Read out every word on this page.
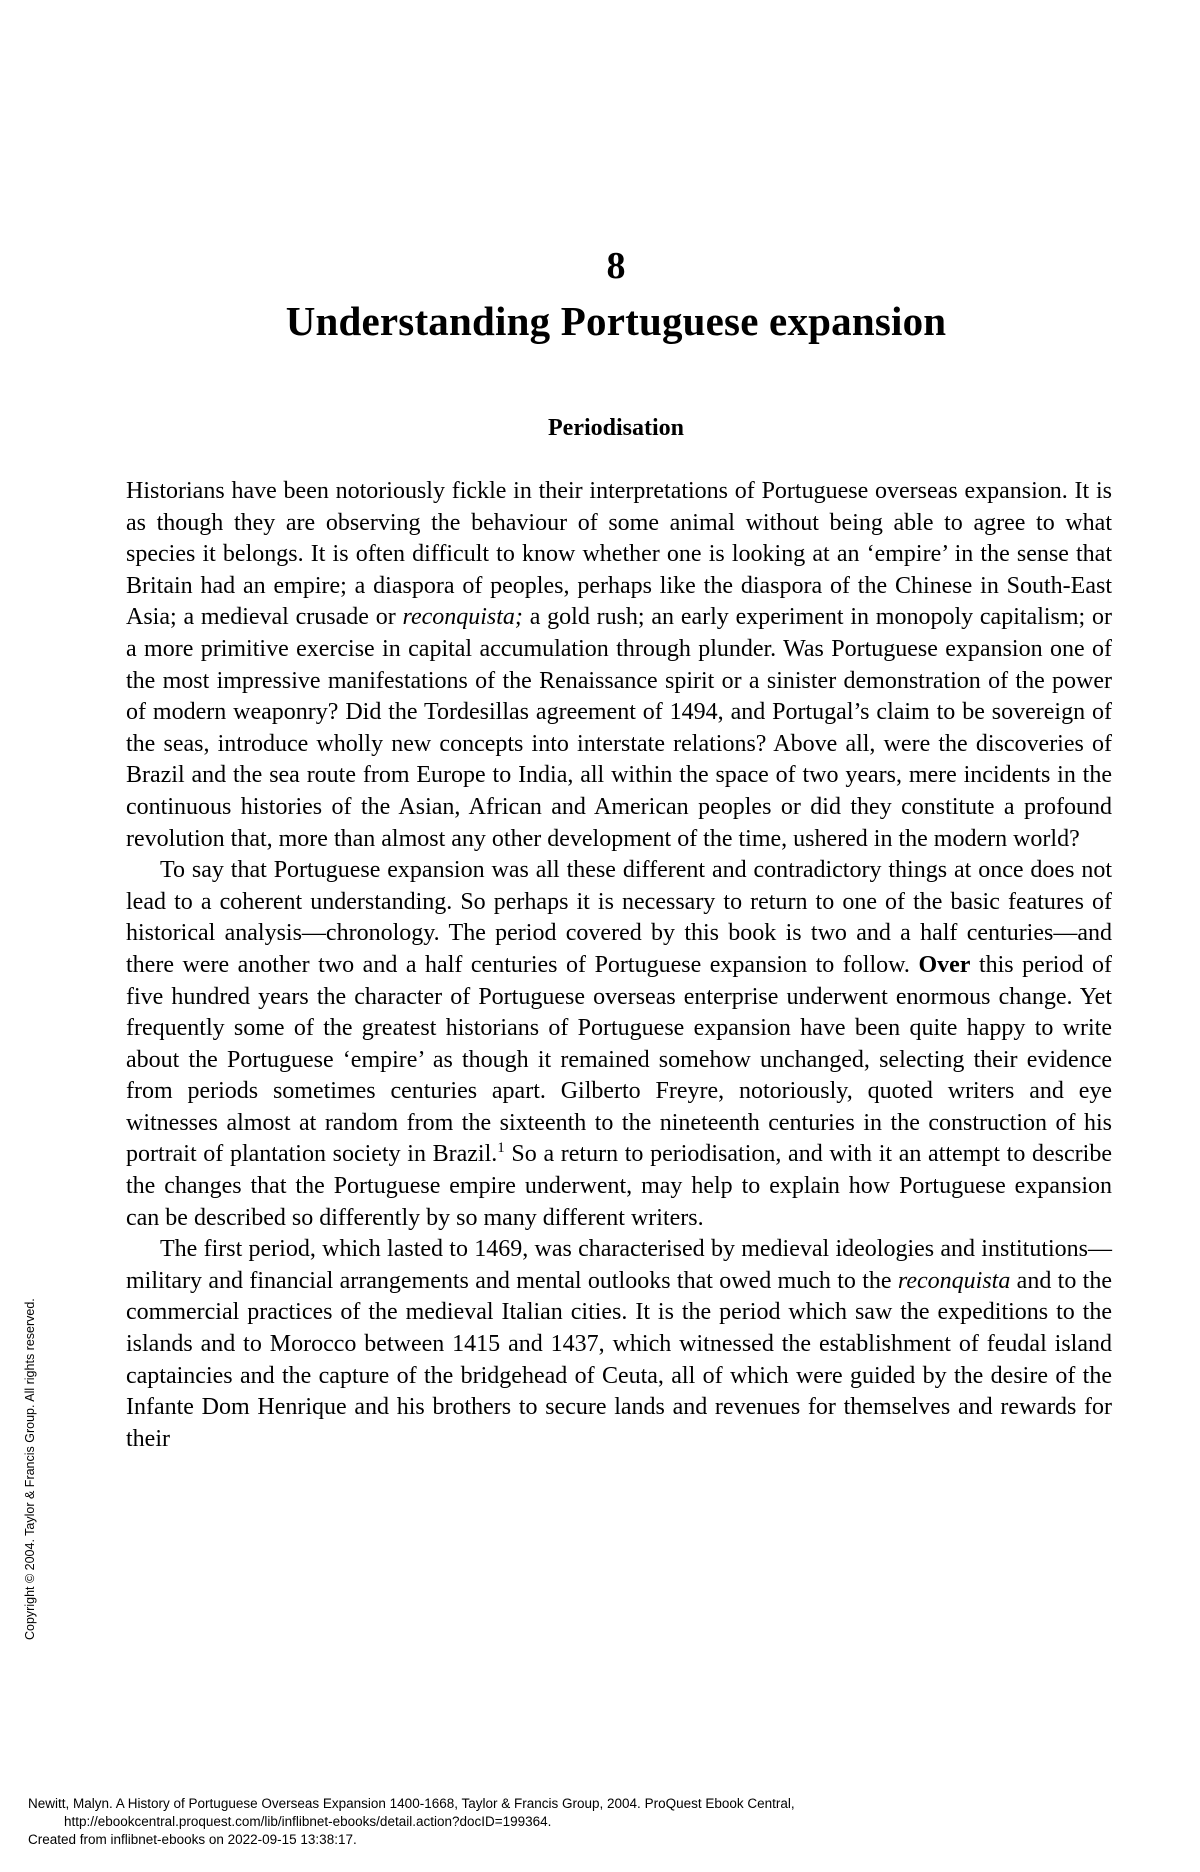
8
Understanding Portuguese expansion
Periodisation

Historians have been notoriously fickle in their interpretations of Portuguese overseas expansion. It is as though they are observing the behaviour of some animal without being able to agree to what species it belongs. It is often difficult to know whether one is looking at an ‘empire’ in the sense that Britain had an empire; a diaspora of peoples, perhaps like the diaspora of the Chinese in South-East Asia; a medieval crusade or reconquista; a gold rush; an early experiment in monopoly capitalism; or a more primitive exercise in capital accumulation through plunder. Was Portuguese expansion one of the most impressive manifestations of the Renaissance spirit or a sinister demonstration of the power of modern weaponry? Did the Tordesillas agreement of 1494, and Portugal’s claim to be sovereign of the seas, introduce wholly new concepts into interstate relations? Above all, were the discoveries of Brazil and the sea route from Europe to India, all within the space of two years, mere incidents in the continuous histories of the Asian, African and American peoples or did they constitute a profound revolution that, more than almost any other development of the time, ushered in the modern world?

To say that Portuguese expansion was all these different and contradictory things at once does not lead to a coherent understanding. So perhaps it is necessary to return to one of the basic features of historical analysis—chronology. The period covered by this book is two and a half centuries—and there were another two and a half centuries of Portuguese expansion to follow. Over this period of five hundred years the character of Portuguese overseas enterprise underwent enormous change. Yet frequently some of the greatest historians of Portuguese expansion have been quite happy to write about the Portuguese ‘empire’ as though it remained somehow unchanged, selecting their evidence from periods sometimes centuries apart. Gilberto Freyre, notoriously, quoted writers and eye witnesses almost at random from the sixteenth to the nineteenth centuries in the construction of his portrait of plantation society in Brazil.$^1$ So a return to periodisation, and with it an attempt to describe the changes that the Portuguese empire underwent, may help to explain how Portuguese expansion can be described so differently by so many different writers.

The first period, which lasted to 1469, was characterised by medieval ideologies and institutions—military and financial arrangements and mental outlooks that owed much to the reconquista and to the commercial practices of the medieval Italian cities. It is the period which saw the expeditions to the islands and to Morocco between 1415 and 1437, which witnessed the establishment of feudal island captaincies and the capture of the bridgehead of Ceuta, all of which were guided by the desire of the Infante Dom Henrique and his brothers to secure lands and revenues for themselves and rewards for their

Copyright © 2004. Taylor & Francis Group. All rights reserved.
Newitt, Malyn. A History of Portuguese Overseas Expansion 1400-1668, Taylor & Francis Group, 2004. ProQuest Ebook Central,
http://ebookcentral.proquest.com/lib/inflibnet-ebooks/detail.action?docID=199364.
Created from inflibnet-ebooks on 2022-09-15 13:38:17.
